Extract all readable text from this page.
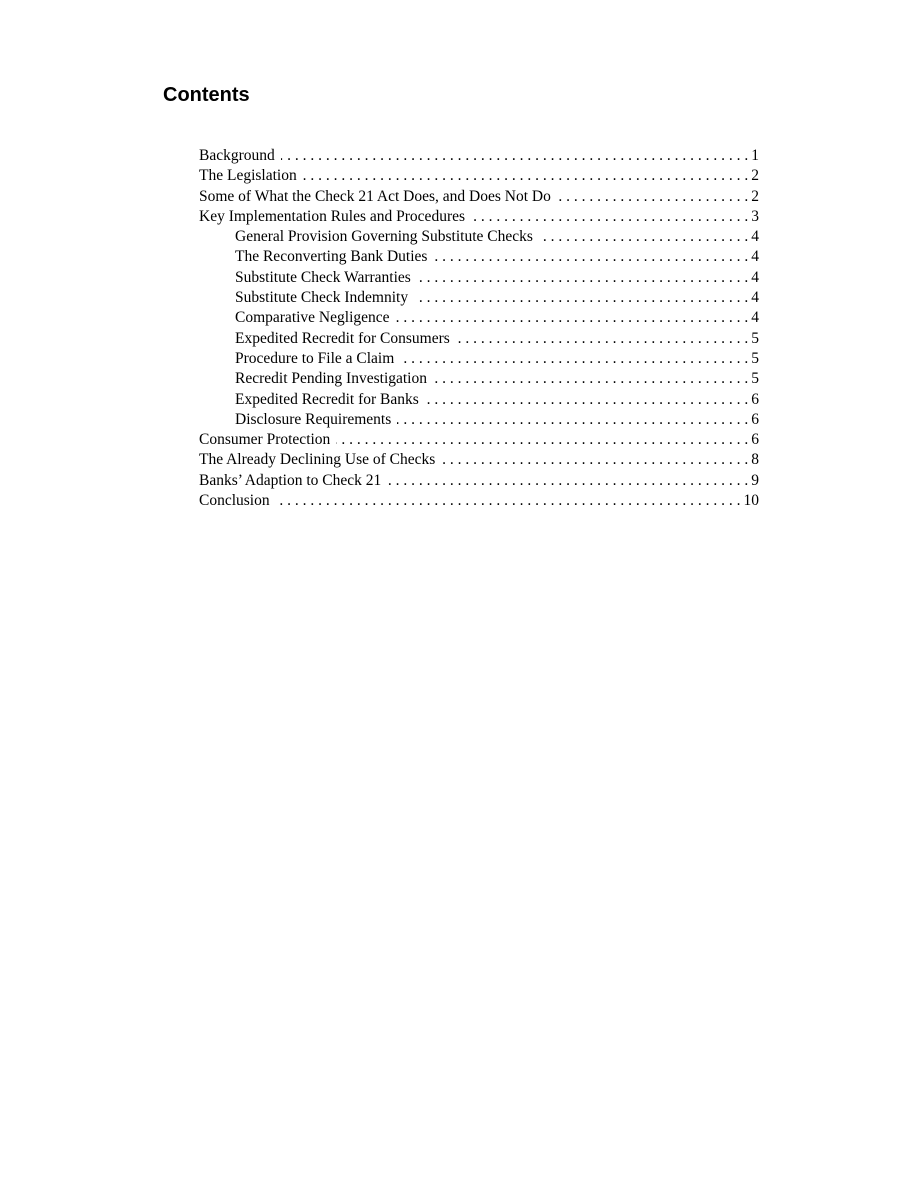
Contents
Background . . .	1
The Legislation . . .	2
Some of What the Check 21 Act Does, and Does Not Do . . .	2
Key Implementation Rules and Procedures . . .	3
General Provision Governing Substitute Checks . . .	4
The Reconverting Bank Duties . . .	4
Substitute Check Warranties . . .	4
Substitute Check Indemnity . . .	4
Comparative Negligence . . .	4
Expedited Recredit for Consumers . . .	5
Procedure to File a Claim . . .	5
Recredit Pending Investigation . . .	5
Expedited Recredit for Banks . . .	6
Disclosure Requirements . . .	6
Consumer Protection . . .	6
The Already Declining Use of Checks . . .	8
Banks’ Adaption to Check 21 . . .	9
Conclusion . . .	10
